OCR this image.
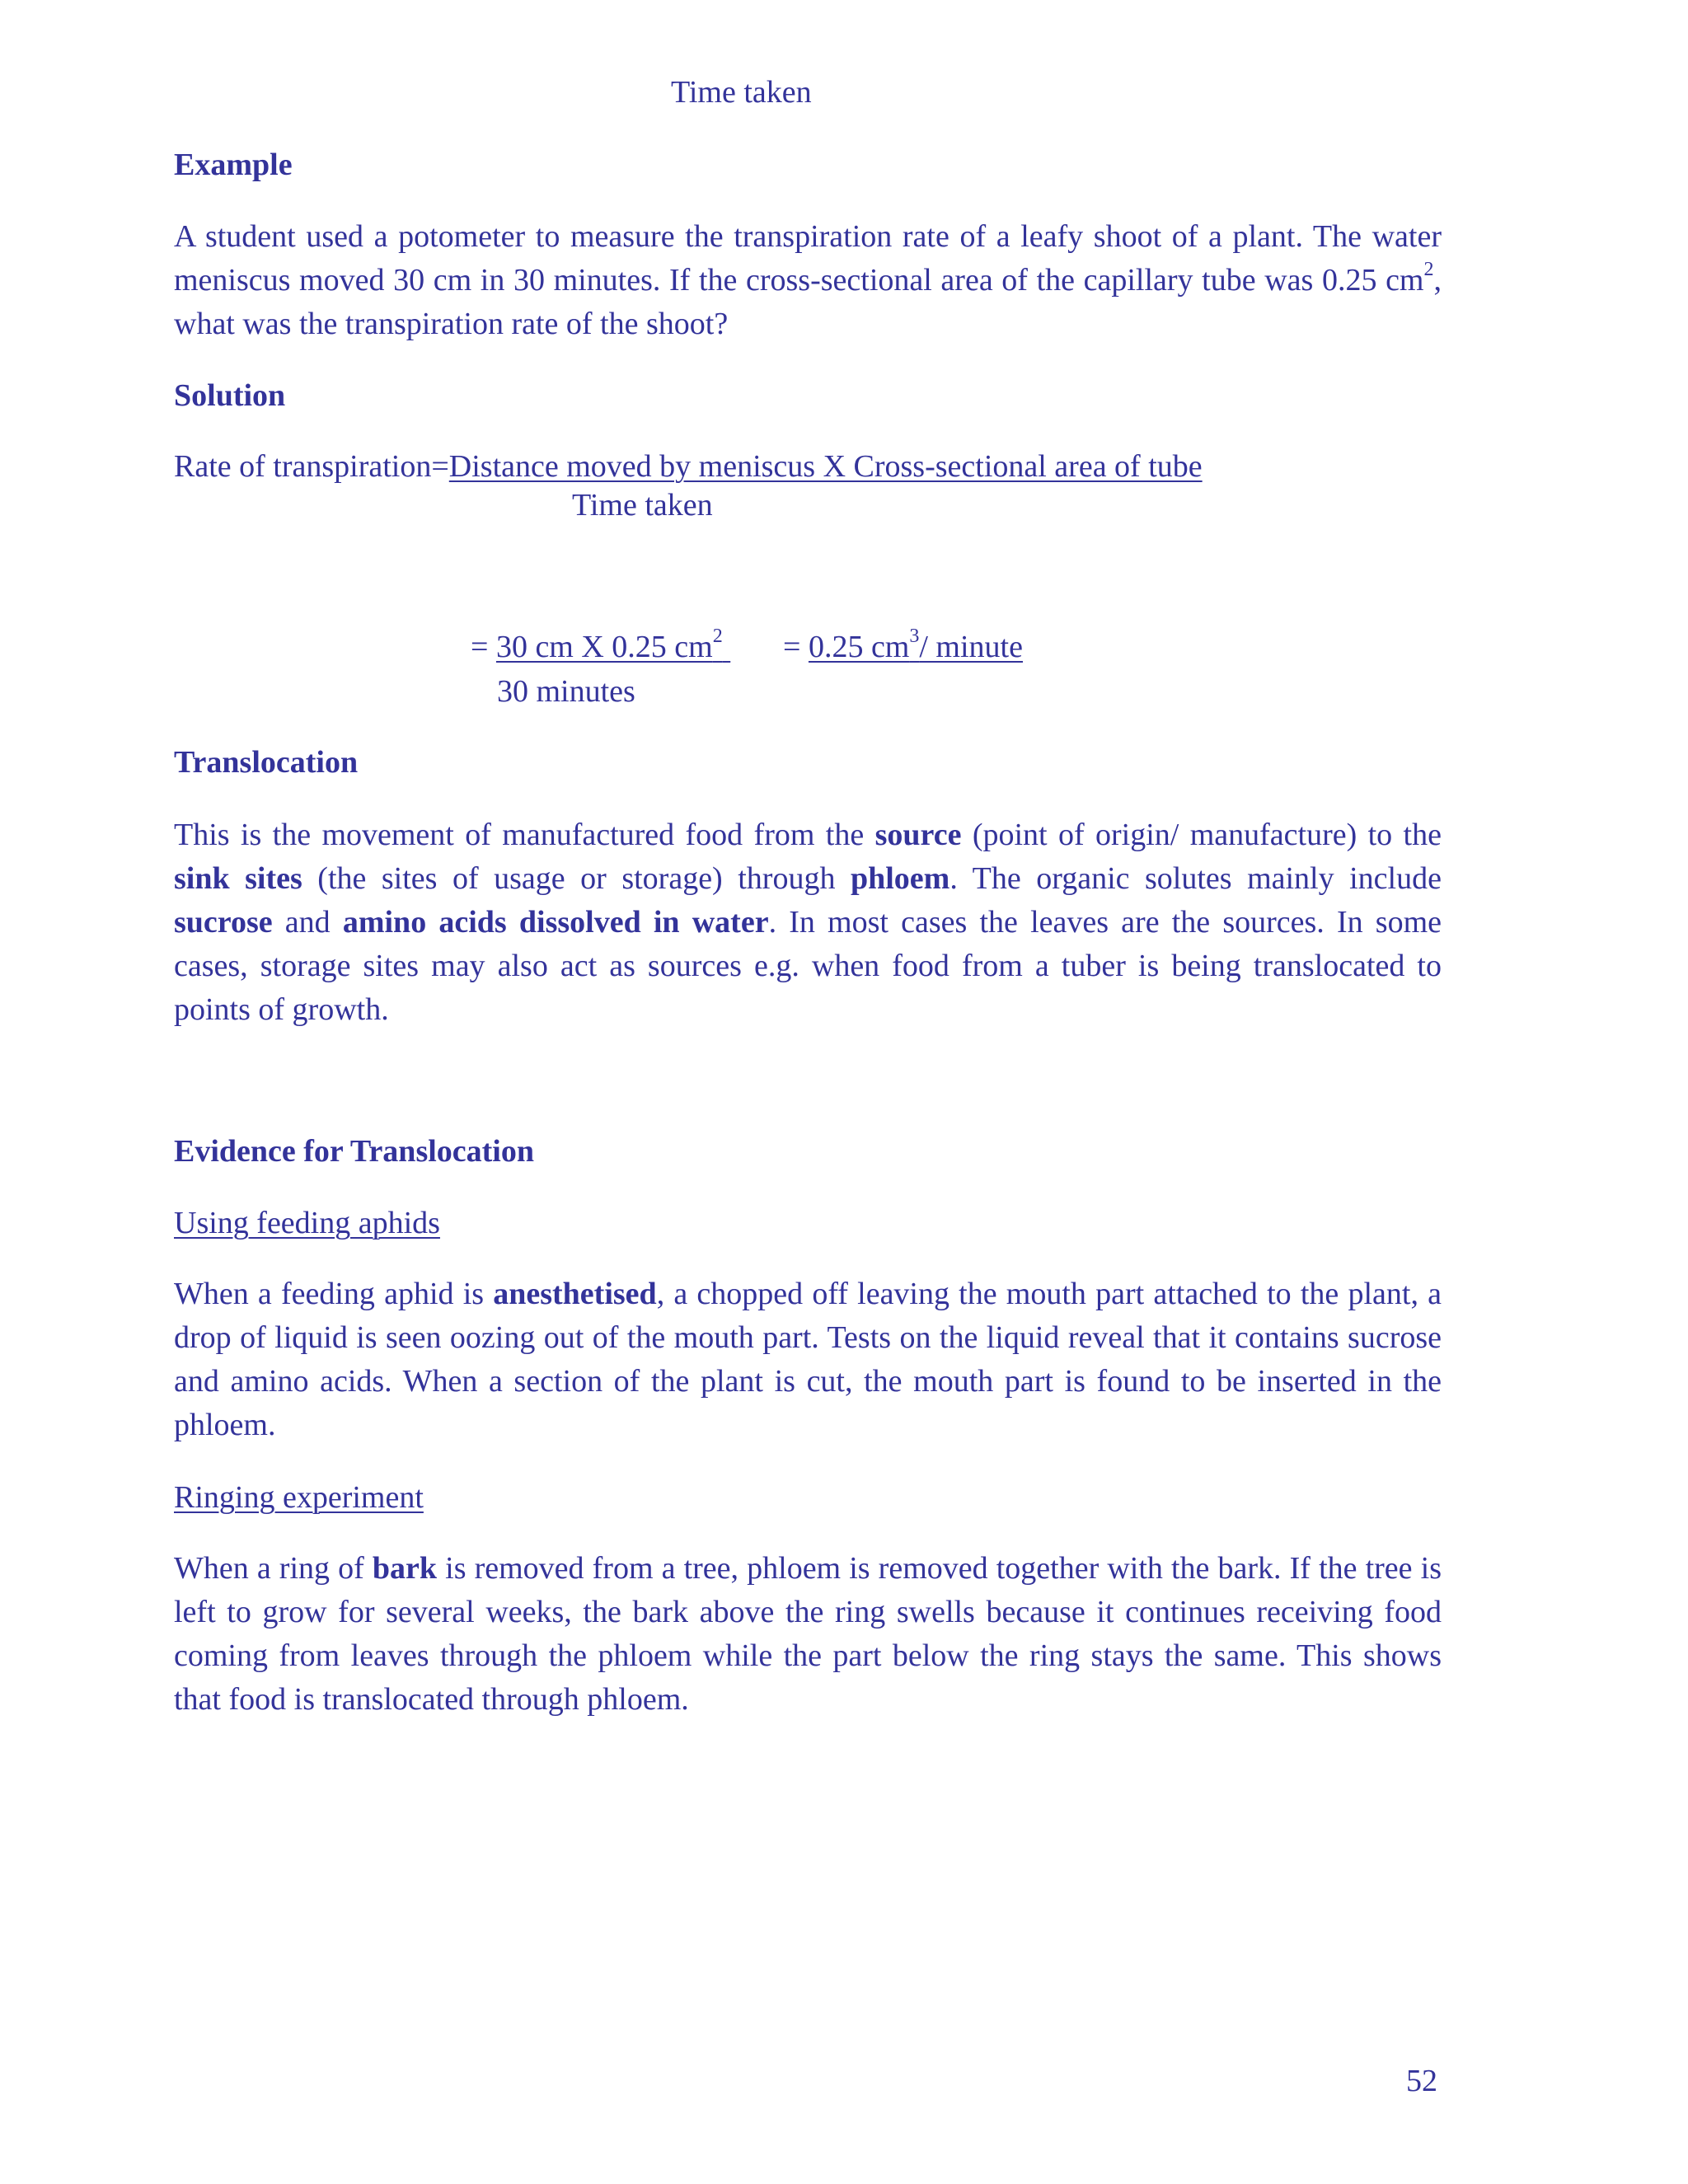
Time taken
Example
A student used a potometer to measure the transpiration rate of a leafy shoot of a plant. The water meniscus moved 30 cm in 30 minutes. If the cross-sectional area of the capillary tube was 0.25 $cm^2$, what was the transpiration rate of the shoot?
Solution
Rate of transpiration=Distance moved by meniscus X Cross-sectional area of tube
Time taken
= 30 cm X 0.25 $cm^2 = 0.25$ $cm^3/$ minute
30 minutes
Translocation
This is the movement of manufactured food from the source (point of origin/ manufacture) to the sink sites (the sites of usage or storage) through phloem. The organic solutes mainly include sucrose and amino acids dissolved in water. In most cases the leaves are the sources. In some cases, storage sites may also act as sources e.g. when food from a tuber is being translocated to points of growth.
Evidence for Translocation
Using feeding aphids
When a feeding aphid is anesthetised, a chopped off leaving the mouth part attached to the plant, a drop of liquid is seen oozing out of the mouth part. Tests on the liquid reveal that it contains sucrose and amino acids. When a section of the plant is cut, the mouth part is found to be inserted in the phloem.
Ringing experiment
When a ring of bark is removed from a tree, phloem is removed together with the bark. If the tree is left to grow for several weeks, the bark above the ring swells because it continues receiving food coming from leaves through the phloem while the part below the ring stays the same. This shows that food is translocated through phloem.
52
